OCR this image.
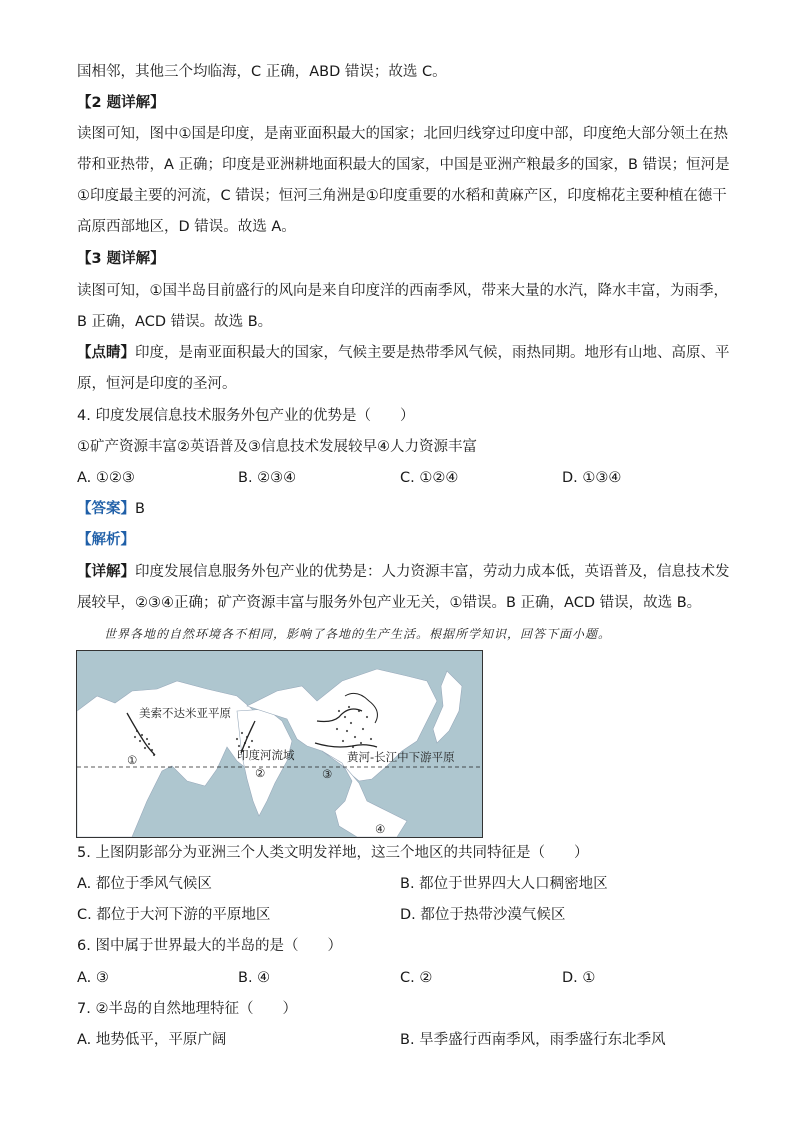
国相邻，其他三个均临海，C 正确，ABD 错误；故选 C。
【2 题详解】
读图可知，图中①国是印度，是南亚面积最大的国家；北回归线穿过印度中部，印度绝大部分领土在热
带和亚热带，A 正确；印度是亚洲耕地面积最大的国家，中国是亚洲产粮最多的国家，B 错误；恒河是
①印度最主要的河流，C 错误；恒河三角洲是①印度重要的水稻和黄麻产区，印度棉花主要种植在德干
高原西部地区，D 错误。故选 A。
【3 题详解】
读图可知，①国半岛目前盛行的风向是来自印度洋的西南季风，带来大量的水汽，降水丰富，为雨季，
B 正确，ACD 错误。故选 B。
【点睛】印度，是南亚面积最大的国家，气候主要是热带季风气候，雨热同期。地形有山地、高原、平
原，恒河是印度的圣河。
4. 印度发展信息技术服务外包产业的优势是（　　）
①矿产资源丰富②英语普及③信息技术发展较早④人力资源丰富
A. ①②③	B. ②③④	C. ①②④	D. ①③④
【答案】B
【解析】
【详解】印度发展信息服务外包产业的优势是：人力资源丰富，劳动力成本低，英语普及，信息技术发
展较早，②③④正确；矿产资源丰富与服务外包产业无关，①错误。B 正确，ACD 错误，故选 B。
世界各地的自然环境各不相同，影响了各地的生产生活。根据所学知识，回答下面小题。
美索不达米亚平原
印度河流域	黄河-长江中下游平原
①
②	③
④
5. 上图阴影部分为亚洲三个人类文明发祥地，这三个地区的共同特征是（　　）
A. 都位于季风气候区	B. 都位于世界四大人口稠密地区
C. 都位于大河下游的平原地区	D. 都位于热带沙漠气候区
6. 图中属于世界最大的半岛的是（　　）
A. ③	B. ④	C. ②	D. ①
7. ②半岛的自然地理特征（　　）
A. 地势低平，平原广阔	B. 旱季盛行西南季风，雨季盛行东北季风
